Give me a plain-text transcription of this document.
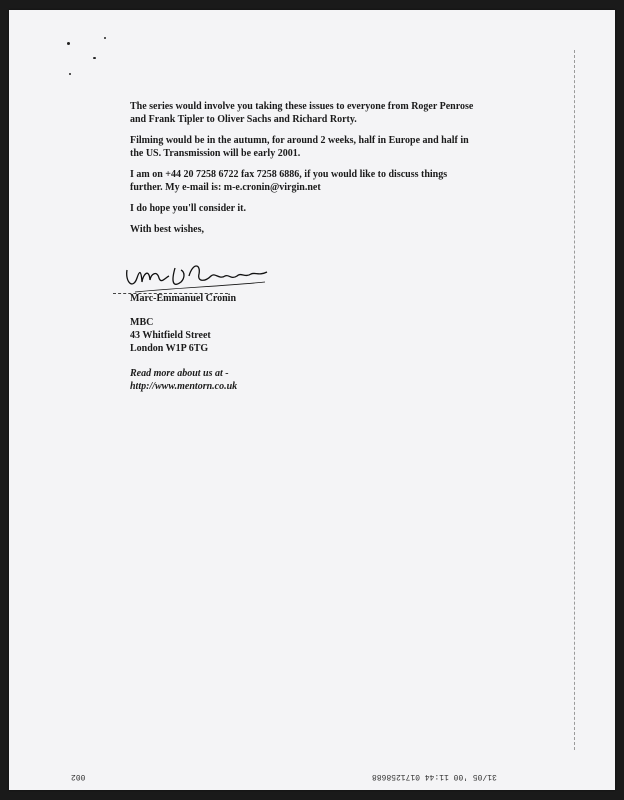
The series would involve you taking these issues to everyone from Roger Penrose
and Frank Tipler to Oliver Sachs and Richard Rorty.

Filming would be in the autumn, for around 2 weeks, half in Europe and half in
the US. Transmission will be early 2001.

I am on +44 20 7258 6722 fax 7258 6886, if you would like to discuss things
further. My e-mail is: m-e.cronin@virgin.net

I do hope you'll consider it.

With best wishes,

Marc-Emmanuel Cronin
MBC
43 Whitfield Street
London W1P 6TG
Read more about us at -
http://www.mentorn.co.uk
002	31/05 '00 11:44 0171258688
